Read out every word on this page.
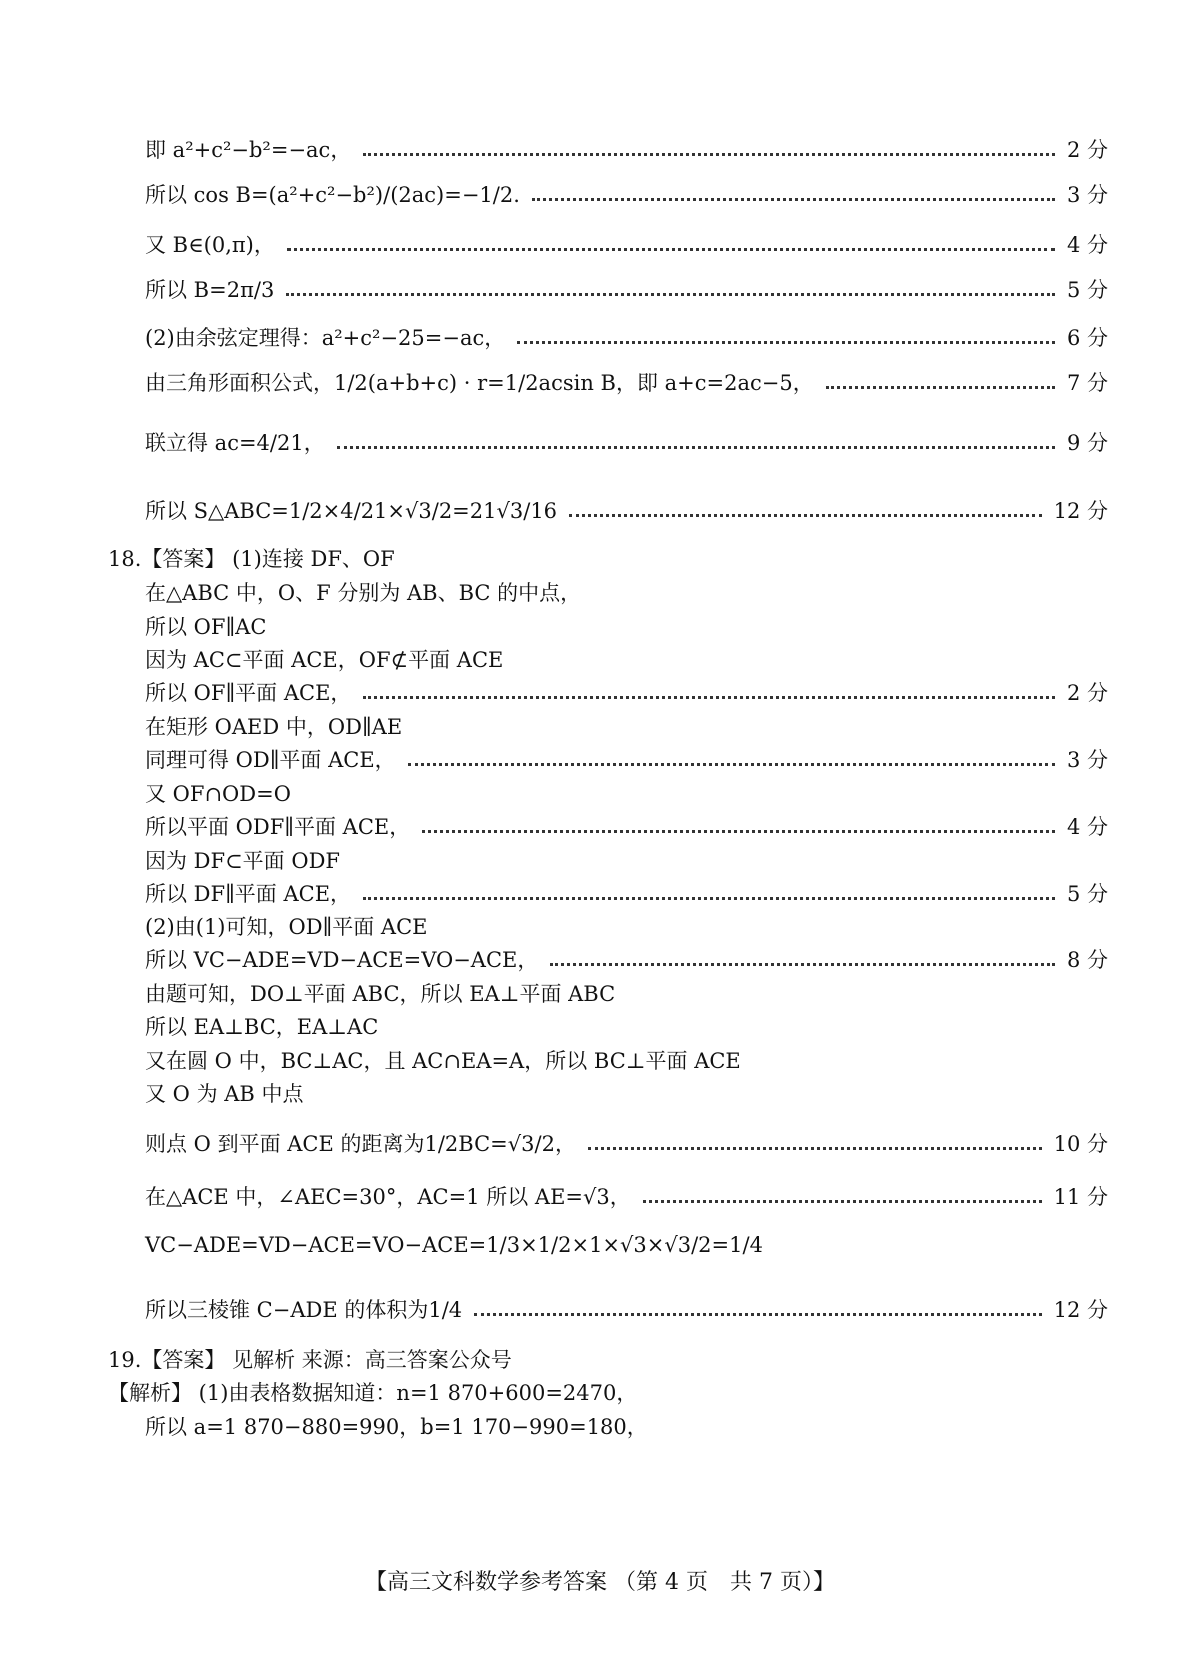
即 a²+c²−b²=−ac，	2 分
所以 cos B=(a²+c²−b²)/(2ac)=−1/2.	3 分
又 B∈(0,π)，	4 分
所以 B=2π/3	5 分
(2)由余弦定理得：a²+c²−25=−ac，	6 分
由三角形面积公式，1/2(a+b+c) · r=1/2acsin B，即 a+c=2ac−5，	7 分
联立得 ac=4/21，	9 分
所以 S△ABC=1/2×4/21×√3/2=21√3/16	12 分
18.【答案】 (1)连接 DF、OF
在△ABC 中，O、F 分别为 AB、BC 的中点，
所以 OF∥AC
因为 AC⊂平面 ACE，OF⊄平面 ACE
所以 OF∥平面 ACE，	2 分
在矩形 OAED 中，OD∥AE
同理可得 OD∥平面 ACE，	3 分
又 OF∩OD=O
所以平面 ODF∥平面 ACE，	4 分
因为 DF⊂平面 ODF
所以 DF∥平面 ACE，	5 分
(2)由(1)可知，OD∥平面 ACE
所以 VC−ADE=VD−ACE=VO−ACE，	8 分
由题可知，DO⊥平面 ABC，所以 EA⊥平面 ABC
所以 EA⊥BC，EA⊥AC
又在圆 O 中，BC⊥AC，且 AC∩EA=A，所以 BC⊥平面 ACE
又 O 为 AB 中点
则点 O 到平面 ACE 的距离为1/2BC=√3/2，	10 分
在△ACE 中，∠AEC=30°，AC=1 所以 AE=√3，	11 分
VC−ADE=VD−ACE=VO−ACE=1/3×1/2×1×√3×√3/2=1/4
所以三棱锥 C−ADE 的体积为1/4	12 分
19.【答案】 见解析 来源：高三答案公众号
【解析】 (1)由表格数据知道：n=1 870+600=2470，
所以 a=1 870−880=990，b=1 170−990=180，
【高三文科数学参考答案 （第 4 页　共 7 页）】
